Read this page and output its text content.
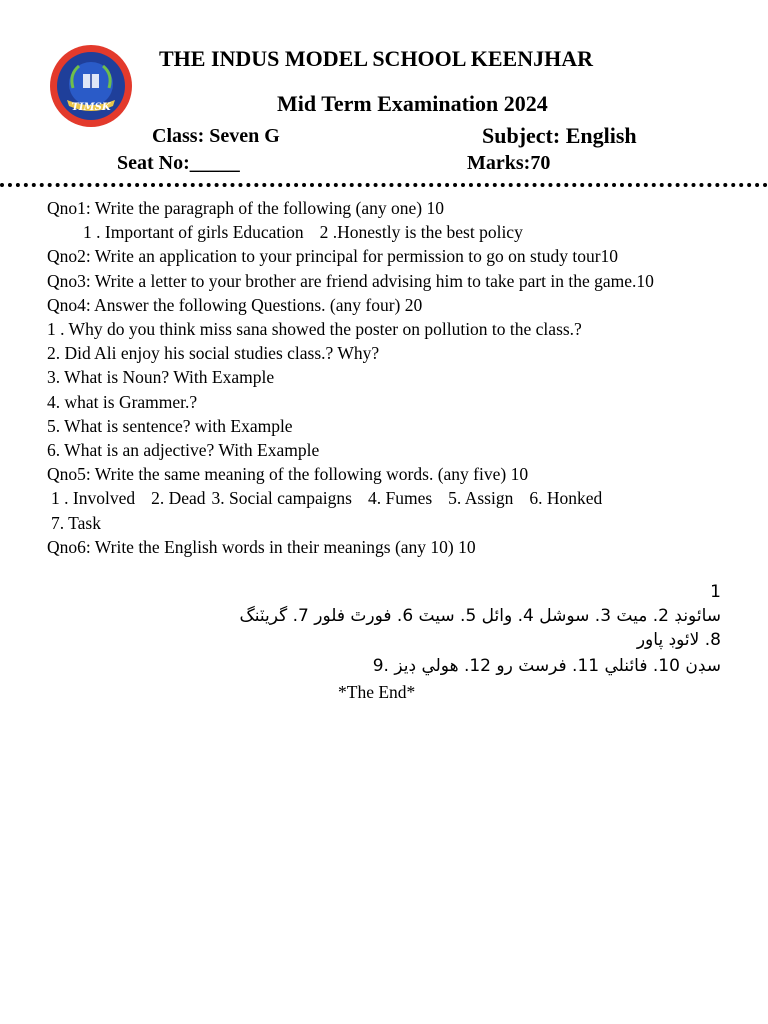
TIMSK
THE INDUS MODEL SCHOOL KEENJHAR
Mid Term Examination 2024
Class: Seven G	Subject: English
Seat No:_____	Marks:70
Qno1: Write the paragraph of the following (any one) 10
1 . Important of girls Education 2 .Honestly is the best policy
Qno2: Write an application to your principal for permission to go on study tour10
Qno3: Write a letter to your brother are friend advising him to take part in the game.10
Qno4: Answer the following Questions. (any four) 20
1 . Why do you think miss sana showed the poster on pollution to the class.?
2. Did Ali enjoy his social studies class.? Why?
3. What is Noun? With Example
4. what is Grammer.?
5. What is sentence? with Example
6. What is an adjective? With Example
Qno5: Write the same meaning of the following words. (any five) 10
1 . Involved 2. Dead 3. Social campaigns 4. Fumes 5. Assign 6. Honked
7. Task
Qno6: Write the English words in their meanings (any 10) 10
1
سائونڊ 2. ميٽ 3. سوشل 4. وائل 5. سيٽ 6. فورٿ فلور 7. گريٽنگ
8. لائوڊ پاور
سڊن 10. فائنلي 11. فرسٽ رو 12. هولي ڊيز .9
*The End*
